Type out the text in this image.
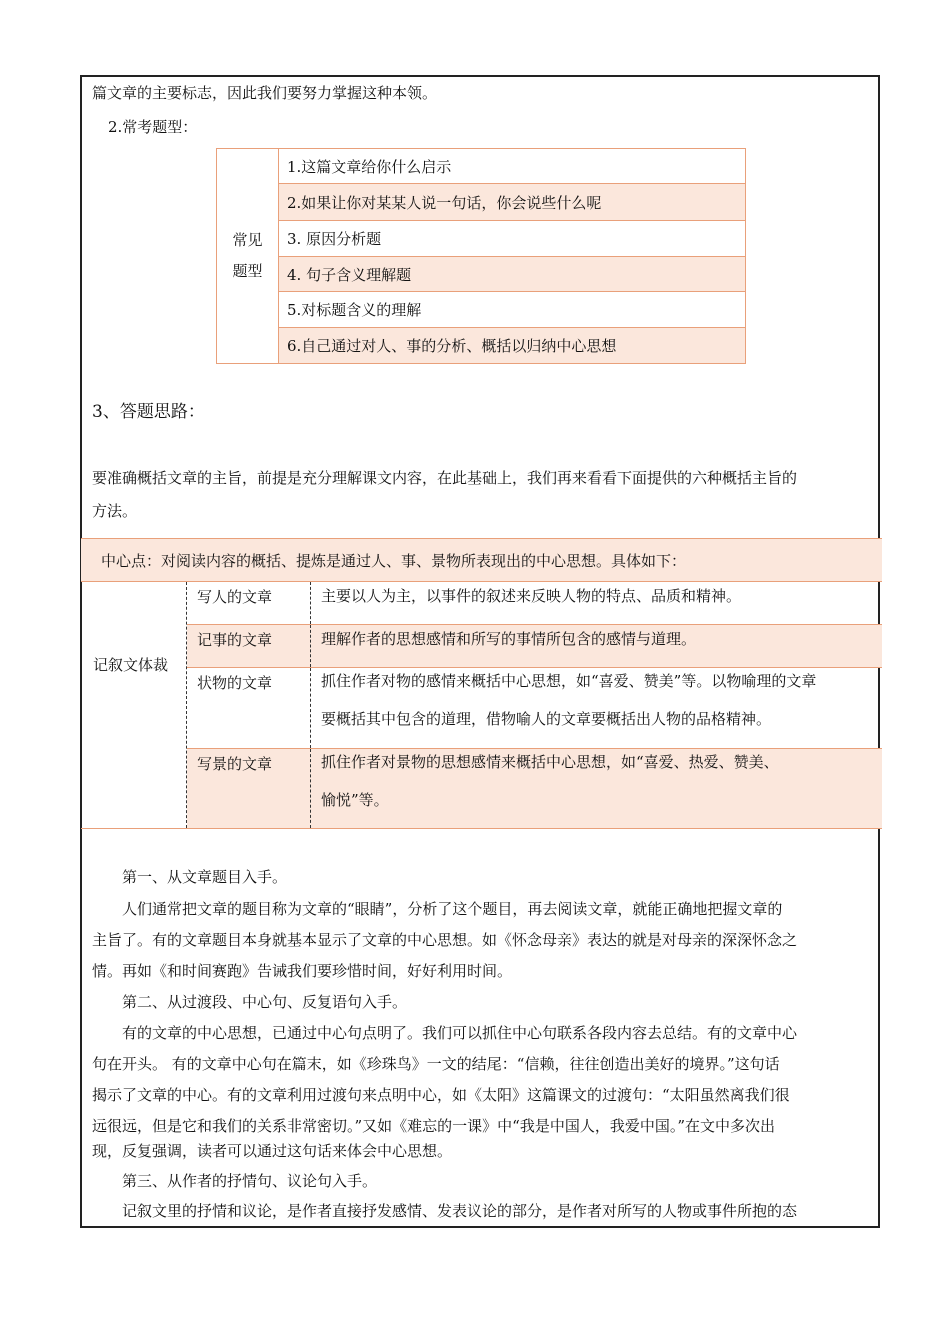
篇文章的主要标志，因此我们要努力掌握这种本领。
2.常考题型：
常见
题型
1.这篇文章给你什么启示
2.如果让你对某某人说一句话，你会说些什么呢
3. 原因分析题
4. 句子含义理解题
5.对标题含义的理解
6.自己通过对人、事的分析、概括以归纳中心思想
3、答题思路：
要准确概括文章的主旨，前提是充分理解课文内容，在此基础上，我们再来看看下面提供的六种概括主旨的
方法。
中心点：对阅读内容的概括、提炼是通过人、事、景物所表现出的中心思想。具体如下：
记叙文体裁
写人的文章	主要以人为主，以事件的叙述来反映人物的特点、品质和精神。
记事的文章	理解作者的思想感情和所写的事情所包含的感情与道理。
状物的文章	抓住作者对物的感情来概括中心思想，如“喜爱、赞美”等。以物喻理的文章
要概括其中包含的道理，借物喻人的文章要概括出人物的品格精神。
写景的文章	抓住作者对景物的思想感情来概括中心思想，如“喜爱、热爱、赞美、
愉悦”等。
　　第一、从文章题目入手。
　　人们通常把文章的题目称为文章的“眼睛”，分析了这个题目，再去阅读文章，就能正确地把握文章的
主旨了。有的文章题目本身就基本显示了文章的中心思想。如《怀念母亲》表达的就是对母亲的深深怀念之
情。再如《和时间赛跑》告诫我们要珍惜时间，好好利用时间。
　　第二、从过渡段、中心句、反复语句入手。
　　有的文章的中心思想，已通过中心句点明了。我们可以抓住中心句联系各段内容去总结。有的文章中心
句在开头。 有的文章中心句在篇末，如《珍珠鸟》一文的结尾：“信赖，往往创造出美好的境界。”这句话
揭示了文章的中心。有的文章利用过渡句来点明中心，如《太阳》这篇课文的过渡句：“太阳虽然离我们很
远很远，但是它和我们的关系非常密切。”又如《难忘的一课》中“我是中国人，我爱中国。”在文中多次出
现，反复强调，读者可以通过这句话来体会中心思想。
　　第三、从作者的抒情句、议论句入手。
　　记叙文里的抒情和议论，是作者直接抒发感情、发表议论的部分，是作者对所写的人物或事件所抱的态
